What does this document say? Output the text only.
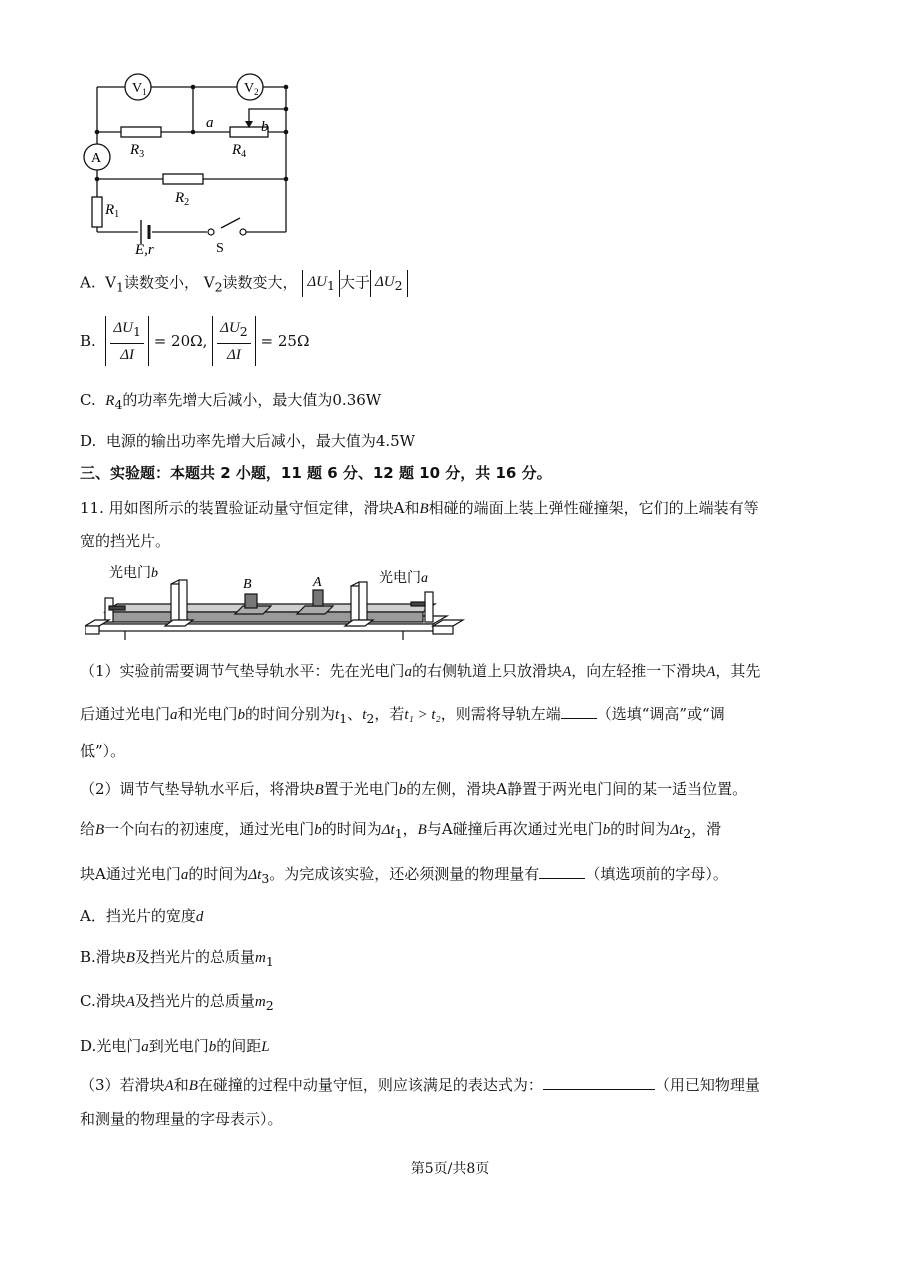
$V_1$	$V_2$
A
$R_3$	$R_4$
$R_2$
$R_1$
a	b
E,r	S
A. $V_1$读数变小， $V_2$读数变大， $\Delta U_1$ 大于 $\Delta U_2$
B. $\frac{\Delta U_1}{\Delta I} = 20\Omega$, $\frac{\Delta U_2}{\Delta I} = 25\Omega$
C. $R_4$的功率先增大后减小，最大值为0.36W
D. 电源的输出功率先增大后减小，最大值为4.5W
三、实验题：本题共 2 小题，11 题 6 分、12 题 10 分，共 16 分。
11. 用如图所示的装置验证动量守恒定律，滑块A和B相碰的端面上装上弹性碰撞架，它们的上端装有等
宽的挡光片。
光电门b	光电门a
B	A
（1）实验前需要调节气垫导轨水平：先在光电门a的右侧轨道上只放滑块A，向左轻推一下滑块A，其先
后通过光电门a和光电门b的时间分别为$t_1$、$t_2$，若t₁ > t₂，则需将导轨左端 （选填“调高”或“调
低”）。
（2）调节气垫导轨水平后，将滑块B置于光电门b的左侧，滑块A静置于两光电门间的某一适当位置。
给B一个向右的初速度，通过光电门b的时间为$\Delta t_1$，B与A碰撞后再次通过光电门b的时间为$\Delta t_2$，滑
块A通过光电门a的时间为$\Delta t_3$。为完成该实验，还必须测量的物理量有	（填选项前的字母）。
A．挡光片的宽度d
B.滑块B及挡光片的总质量$m_1$
C.滑块A及挡光片的总质量$m_2$
D.光电门a到光电门b的间距L
（3）若滑块A和B在碰撞的过程中动量守恒，则应该满足的表达式为：	（用已知物理量
和测量的物理量的字母表示）。
第5页/共8页
